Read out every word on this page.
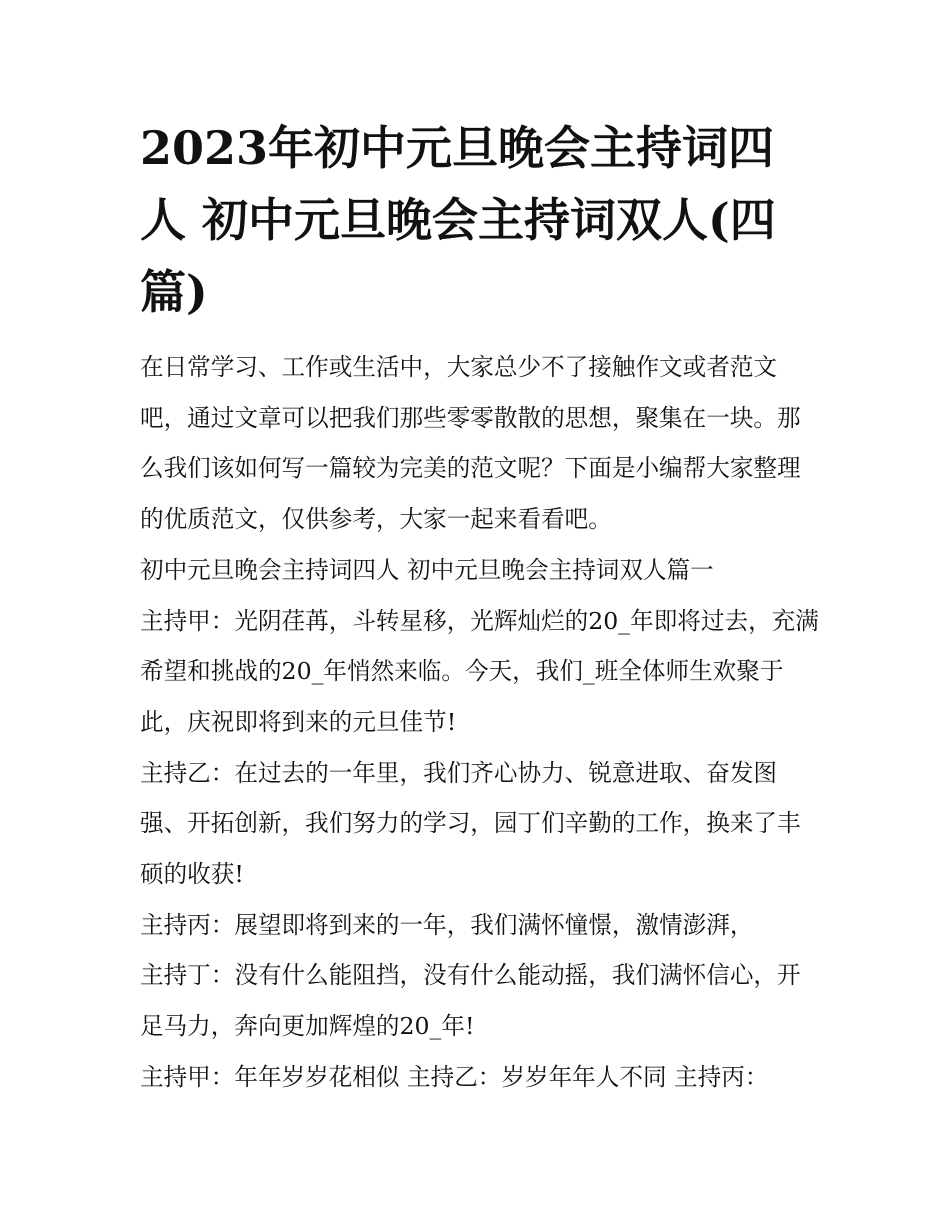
2023年初中元旦晚会主持词四人 初中元旦晚会主持词双人(四篇)

在日常学习、工作或生活中，大家总少不了接触作文或者范文吧，通过文章可以把我们那些零零散散的思想，聚集在一块。那么我们该如何写一篇较为完美的范文呢？下面是小编帮大家整理的优质范文，仅供参考，大家一起来看看吧。

初中元旦晚会主持词四人 初中元旦晚会主持词双人篇一

主持甲：光阴荏苒，斗转星移，光辉灿烂的20_年即将过去，充满希望和挑战的20_年悄然来临。今天，我们_班全体师生欢聚于此，庆祝即将到来的元旦佳节!

主持乙：在过去的一年里，我们齐心协力、锐意进取、奋发图强、开拓创新，我们努力的学习，园丁们辛勤的工作，换来了丰硕的收获!

主持丙：展望即将到来的一年，我们满怀憧憬，激情澎湃，

主持丁：没有什么能阻挡，没有什么能动摇，我们满怀信心，开足马力，奔向更加辉煌的20_年!

主持甲：年年岁岁花相似 主持乙：岁岁年年人不同 主持丙：
